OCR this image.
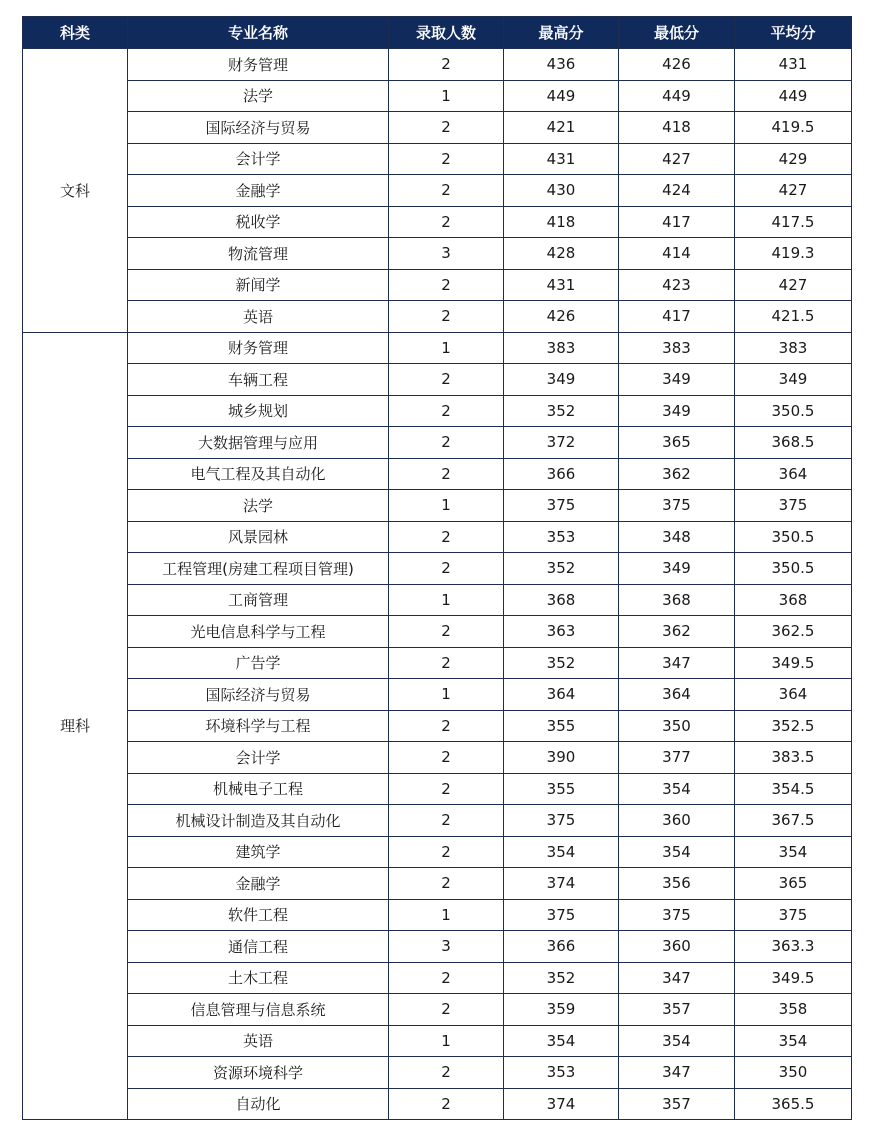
科类	专业名称	录取人数	最高分	最低分	平均分
文科	财务管理	2	436	426	431
	法学	1	449	449	449
	国际经济与贸易	2	421	418	419.5
	会计学	2	431	427	429
	金融学	2	430	424	427
	税收学	2	418	417	417.5
	物流管理	3	428	414	419.3
	新闻学	2	431	423	427
	英语	2	426	417	421.5
理科	财务管理	1	383	383	383
	车辆工程	2	349	349	349
	城乡规划	2	352	349	350.5
	大数据管理与应用	2	372	365	368.5
	电气工程及其自动化	2	366	362	364
	法学	1	375	375	375
	风景园林	2	353	348	350.5
	工程管理(房建工程项目管理)	2	352	349	350.5
	工商管理	1	368	368	368
	光电信息科学与工程	2	363	362	362.5
	广告学	2	352	347	349.5
	国际经济与贸易	1	364	364	364
	环境科学与工程	2	355	350	352.5
	会计学	2	390	377	383.5
	机械电子工程	2	355	354	354.5
	机械设计制造及其自动化	2	375	360	367.5
	建筑学	2	354	354	354
	金融学	2	374	356	365
	软件工程	1	375	375	375
	通信工程	3	366	360	363.3
	土木工程	2	352	347	349.5
	信息管理与信息系统	2	359	357	358
	英语	1	354	354	354
	资源环境科学	2	353	347	350
	自动化	2	374	357	365.5
